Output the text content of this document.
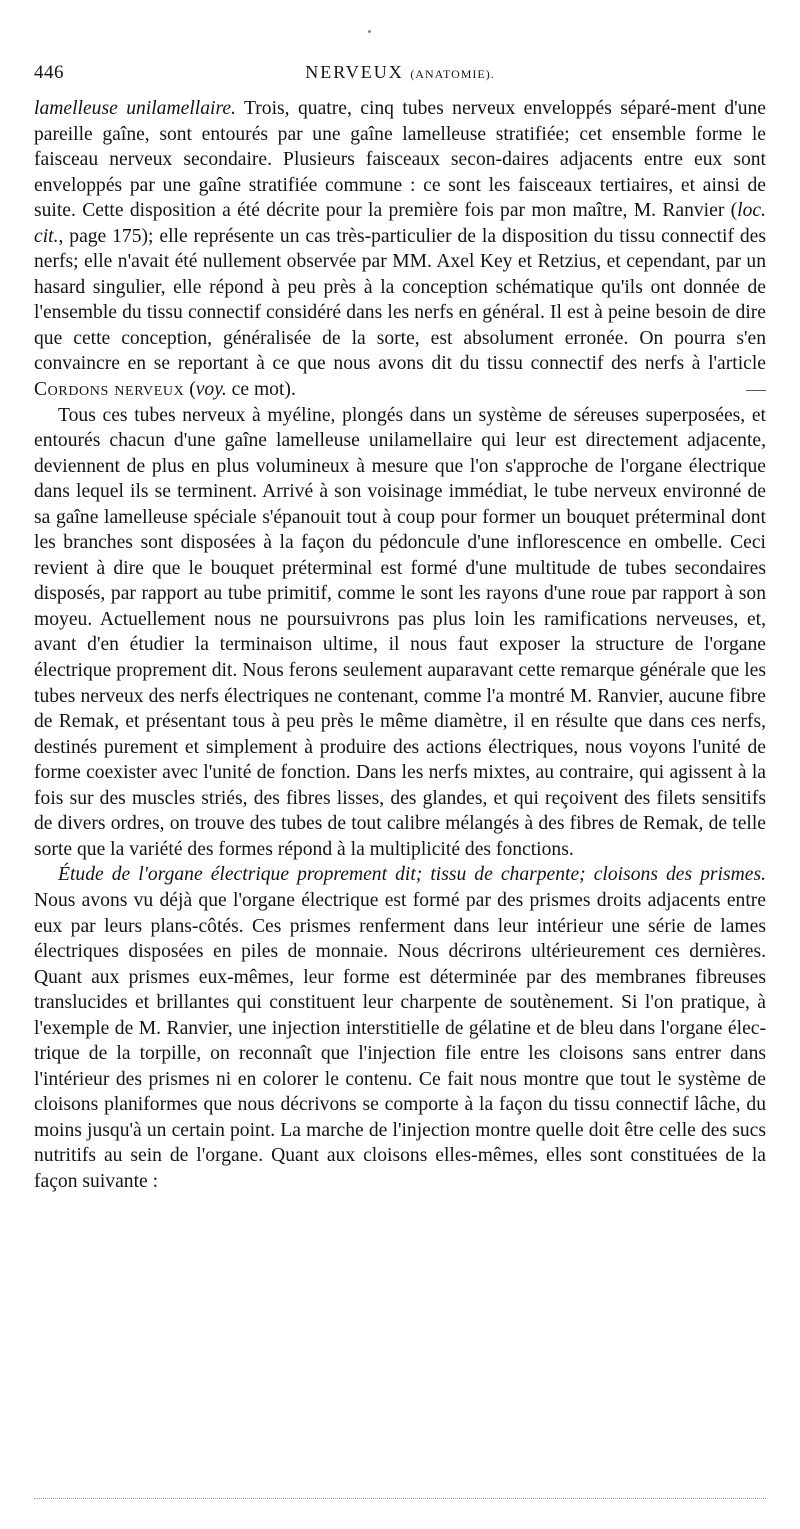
446	NERVEUX (ANATOMIE).

lamelleuse unilamellaire. Trois, quatre, cinq tubes nerveux enveloppés séparé-ment d'une pareille gaîne, sont entourés par une gaîne lamelleuse stratifiée; cet ensemble forme le faisceau nerveux secondaire. Plusieurs faisceaux secon-daires adjacents entre eux sont enveloppés par une gaîne stratifiée commune : ce sont les faisceaux tertiaires, et ainsi de suite. Cette disposition a été décrite pour la première fois par mon maître, M. Ranvier (loc. cit., page 175); elle représente un cas très-particulier de la disposition du tissu connectif des nerfs; elle n'avait été nullement observée par MM. Axel Key et Retzius, et cependant, par un hasard singulier, elle répond à peu près à la conception schématique qu'ils ont donnée de l'ensemble du tissu connectif considéré dans les nerfs en général. Il est à peine besoin de dire que cette conception, généralisée de la sorte, est absolument erronée. On pourra s'en convaincre en se reportant à ce que nous avons dit du tissu connectif des nerfs à l'article Cordons nerveux (voy. ce mot).	—

Tous ces tubes nerveux à myéline, plongés dans un système de séreuses superposées, et entourés chacun d'une gaîne lamelleuse unilamellaire qui leur est directement adjacente, deviennent de plus en plus volumineux à mesure que l'on s'approche de l'organe électrique dans lequel ils se terminent. Arrivé à son voisinage immédiat, le tube nerveux environné de sa gaîne lamelleuse spéciale s'épanouit tout à coup pour former un bouquet préterminal dont les branches sont disposées à la façon du pédoncule d'une inflorescence en ombelle. Ceci revient à dire que le bouquet préterminal est formé d'une multitude de tubes secondaires disposés, par rapport au tube primitif, comme le sont les rayons d'une roue par rapport à son moyeu. Actuellement nous ne poursuivrons pas plus loin les ramifications nerveuses, et, avant d'en étudier la terminaison ultime, il nous faut exposer la structure de l'organe électrique proprement dit. Nous ferons seulement auparavant cette remarque générale que les tubes nerveux des nerfs électriques ne contenant, comme l'a montré M. Ranvier, aucune fibre de Remak, et présentant tous à peu près le même diamètre, il en résulte que dans ces nerfs, destinés purement et simplement à produire des actions électriques, nous voyons l'unité de forme coexister avec l'unité de fonction. Dans les nerfs mixtes, au contraire, qui agissent à la fois sur des muscles striés, des fibres lisses, des glandes, et qui reçoivent des filets sensitifs de divers ordres, on trouve des tubes de tout calibre mélangés à des fibres de Remak, de telle sorte que la variété des formes répond à la multiplicité des fonctions.

Étude de l'organe électrique proprement dit; tissu de charpente; cloisons des prismes. Nous avons vu déjà que l'organe électrique est formé par des prismes droits adjacents entre eux par leurs plans-côtés. Ces prismes renferment dans leur intérieur une série de lames électriques disposées en piles de monnaie. Nous décrirons ultérieurement ces dernières. Quant aux prismes eux-mêmes, leur forme est déterminée par des membranes fibreuses translucides et brillantes qui constituent leur charpente de soutènement. Si l'on pratique, à l'exemple de M. Ranvier, une injection interstitielle de gélatine et de bleu dans l'organe élec-trique de la torpille, on reconnaît que l'injection file entre les cloisons sans entrer dans l'intérieur des prismes ni en colorer le contenu. Ce fait nous montre que tout le système de cloisons planiformes que nous décrivons se comporte à la façon du tissu connectif lâche, du moins jusqu'à un certain point. La marche de l'injection montre quelle doit être celle des sucs nutritifs au sein de l'organe. Quant aux cloisons elles-mêmes, elles sont constituées de la façon suivante :
